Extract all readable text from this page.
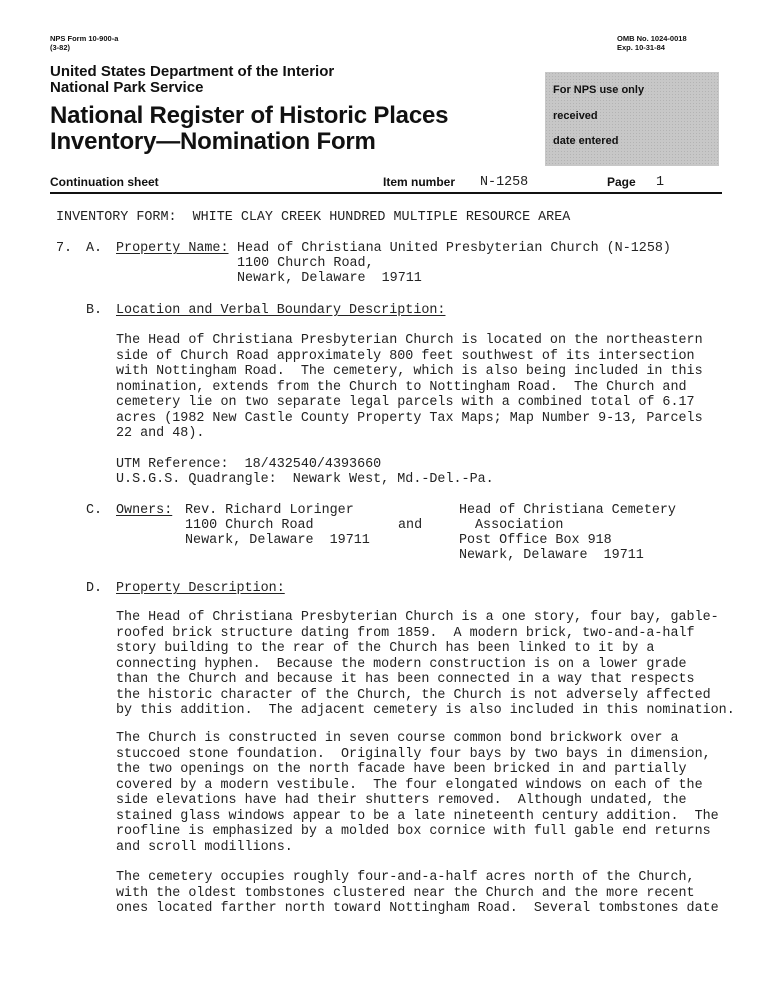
NPS Form 10-900-a
(3-82)
OMB No. 1024-0018
Exp. 10-31-84
United States Department of the Interior
National Park Service
National Register of Historic Places
Inventory—Nomination Form
For NPS use only
received
date entered
Continuation sheet	Item number N-1258	Page 1
INVENTORY FORM:  WHITE CLAY CREEK HUNDRED MULTIPLE RESOURCE AREA
7. A. Property Name: Head of Christiana United Presbyterian Church (N-1258)
1100 Church Road,
Newark, Delaware  19711
B. Location and Verbal Boundary Description:
The Head of Christiana Presbyterian Church is located on the northeastern
side of Church Road approximately 800 feet southwest of its intersection
with Nottingham Road.  The cemetery, which is also being included in this
nomination, extends from the Church to Nottingham Road.  The Church and
cemetery lie on two separate legal parcels with a combined total of 6.17
acres (1982 New Castle County Property Tax Maps; Map Number 9-13, Parcels
22 and 48).
UTM Reference:  18/432540/4393660
U.S.G.S. Quadrangle:  Newark West, Md.-Del.-Pa.
C. Owners: Rev. Richard Loringer
1100 Church Road
Newark, Delaware  19711
and
Head of Christiana Cemetery
Association
Post Office Box 918
Newark, Delaware  19711
D. Property Description:
The Head of Christiana Presbyterian Church is a one story, four bay, gable-
roofed brick structure dating from 1859.  A modern brick, two-and-a-half
story building to the rear of the Church has been linked to it by a
connecting hyphen.  Because the modern construction is on a lower grade
than the Church and because it has been connected in a way that respects
the historic character of the Church, the Church is not adversely affected
by this addition.  The adjacent cemetery is also included in this nomination.
The Church is constructed in seven course common bond brickwork over a
stuccoed stone foundation.  Originally four bays by two bays in dimension,
the two openings on the north facade have been bricked in and partially
covered by a modern vestibule.  The four elongated windows on each of the
side elevations have had their shutters removed.  Although undated, the
stained glass windows appear to be a late nineteenth century addition.  The
roofline is emphasized by a molded box cornice with full gable end returns
and scroll modillions.
The cemetery occupies roughly four-and-a-half acres north of the Church,
with the oldest tombstones clustered near the Church and the more recent
ones located farther north toward Nottingham Road.  Several tombstones date
